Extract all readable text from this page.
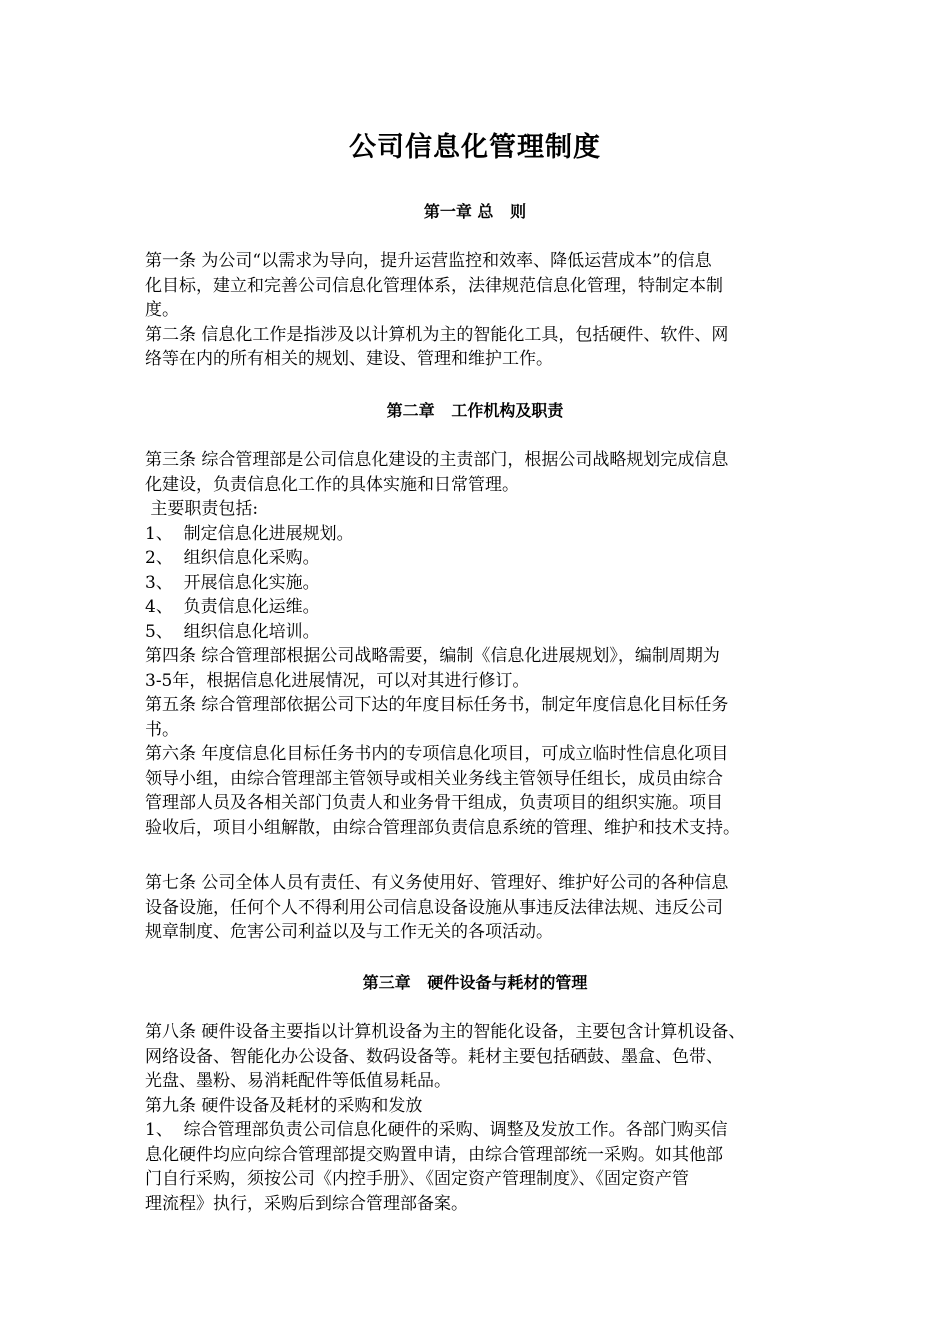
公司信息化管理制度
第一章 总   则
第一条 为公司“以需求为导向，提升运营监控和效率、降低运营成本”的信息
化目标，建立和完善公司信息化管理体系，法律规范信息化管理，特制定本制
度。
第二条 信息化工作是指涉及以计算机为主的智能化工具，包括硬件、软件、网
络等在内的所有相关的规划、建设、管理和维护工作。
第二章   工作机构及职责
第三条 综合管理部是公司信息化建设的主责部门，根据公司战略规划完成信息
化建设，负责信息化工作的具体实施和日常管理。
主要职责包括:
1、  制定信息化进展规划。
2、  组织信息化采购。
3、  开展信息化实施。
4、  负责信息化运维。
5、  组织信息化培训。
第四条 综合管理部根据公司战略需要，编制《信息化进展规划》，编制周期为
3-5年，根据信息化进展情况，可以对其进行修订。
第五条 综合管理部依据公司下达的年度目标任务书，制定年度信息化目标任务
书。
第六条 年度信息化目标任务书内的专项信息化项目，可成立临时性信息化项目
领导小组，由综合管理部主管领导或相关业务线主管领导任组长，成员由综合
管理部人员及各相关部门负责人和业务骨干组成，负责项目的组织实施。项目
验收后，项目小组解散，由综合管理部负责信息系统的管理、维护和技术支持。
第七条 公司全体人员有责任、有义务使用好、管理好、维护好公司的各种信息
设备设施，任何个人不得利用公司信息设备设施从事违反法律法规、违反公司
规章制度、危害公司利益以及与工作无关的各项活动。
第三章   硬件设备与耗材的管理
第八条 硬件设备主要指以计算机设备为主的智能化设备，主要包含计算机设备、
网络设备、智能化办公设备、数码设备等。耗材主要包括硒鼓、墨盒、色带、
光盘、墨粉、易消耗配件等低值易耗品。
第九条 硬件设备及耗材的采购和发放
1、  综合管理部负责公司信息化硬件的采购、调整及发放工作。各部门购买信
息化硬件均应向综合管理部提交购置申请，由综合管理部统一采购。如其他部
门自行采购，须按公司《内控手册》、《固定资产管理制度》、《固定资产管
理流程》执行，采购后到综合管理部备案。
